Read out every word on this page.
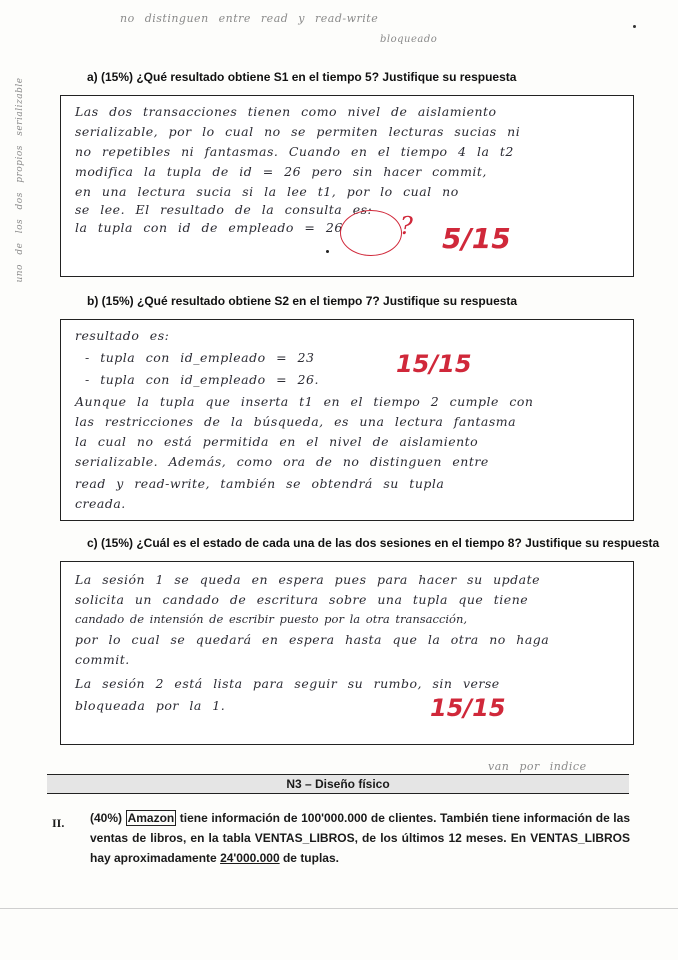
no distinguen entre read y read-write
bloqueado
uno de los dos propios serializable
a) (15%) ¿Qué resultado obtiene S1 en el tiempo 5? Justifique su respuesta
Las dos transacciones tienen como nivel de aislamiento
serializable, por lo cual no se permiten lecturas sucias ni
no repetibles ni fantasmas. Cuando en el tiempo 4 la t2
modifica la tupla de id = 26 pero sin hacer commit,
en una lectura sucia si la lee t1, por lo cual no
se lee. El resultado de la consulta es:
la tupla con id de empleado = 26 ? 5/15
b) (15%) ¿Qué resultado obtiene S2 en el tiempo 7? Justifique su respuesta
resultado es:
- tupla con id_empleado = 23
- tupla con id_empleado = 26.
Aunque la tupla que inserta t1 en el tiempo 2 cumple con
las restricciones de la búsqueda, es una lectura fantasma
la cual no está permitida en el nivel de aislamiento
serializable. Además, como ora de no distinguen entre
read y read-write, también se obtendrá su tupla
creada.
15/15
c) (15%) ¿Cuál es el estado de cada una de las dos sesiones en el tiempo 8? Justifique su respuesta
La sesión 1 se queda en espera pues para hacer su update
solicita un candado de escritura sobre una tupla que tiene
candado de intensión de escribir puesto por la otra transacción,
por lo cual se quedará en espera hasta que la otra no haga
commit.
La sesión 2 está lista para seguir su rumbo, sin verse
bloqueada por la 1.	15/15
van por indice
N3 – Diseño físico
II. (40%) Amazon tiene información de 100'000.000 de clientes. También tiene información de las ventas de libros, en la tabla VENTAS_LIBROS, de los últimos 12 meses. En VENTAS_LIBROS hay aproximadamente 24'000.000 de tuplas.
